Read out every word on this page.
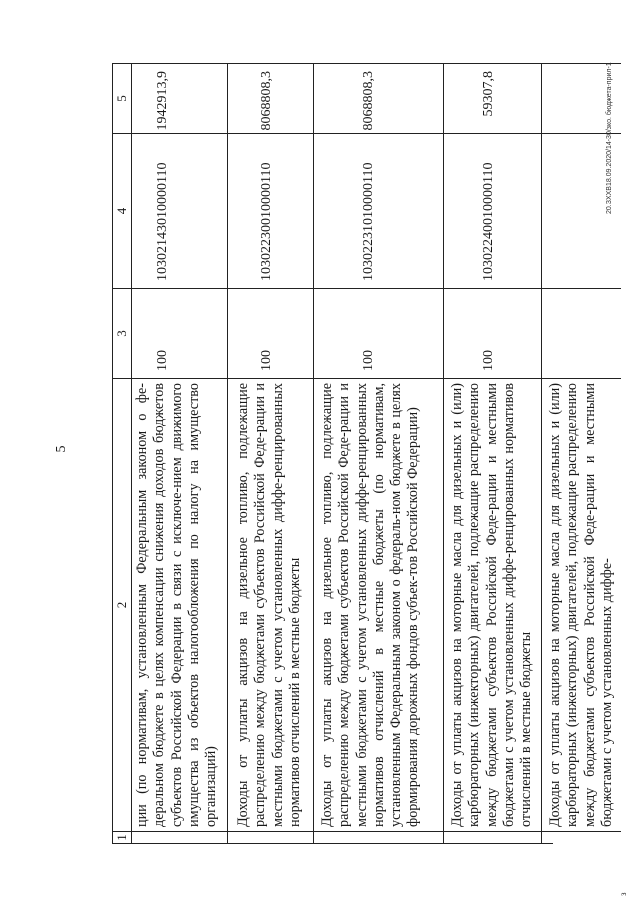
5
1
2
3
4
5
ции (по нормативам, установленным Федеральным законом о фе-деральном бюджете в целях компенсации снижения доходов бюджетов субъектов Российской Федерации в связи с исключе-нием движимого имущества из объектов налогообложения по налогу на имущество организаций)
100
10302143010000110
1942913,9
Доходы от уплаты акцизов на дизельное топливо, подлежащие распределению между бюджетами субъектов Российской Феде-рации и местными бюджетами с учетом установленных диффе-ренцированных нормативов отчислений в местные бюджеты
100
10302230010000110
8068808,3
Доходы от уплаты акцизов на дизельное топливо, подлежащие распределению между бюджетами субъектов Российской Феде-рации и местными бюджетами с учетом установленных диффе-ренцированных нормативов отчислений в местные бюджеты (по нормативам, установленным Федеральным законом о федераль-ном бюджете в целях формирования дорожных фондов субъек-тов Российской Федерации)
100
10302231010000110
8068808,3
Доходы от уплаты акцизов на моторные масла для дизельных и (или) карбюраторных (инжекторных) двигателей, подлежащие распределению между бюджетами субъектов Российской Феде-рации и местными бюджетами с учетом установленных диффе-ренцированных нормативов отчислений в местные бюджеты
100
10302240010000110
59307,8
Доходы от уплаты акцизов на моторные масла для дизельных и (или) карбюраторных (инжекторных) двигателей, подлежащие распределению между бюджетами субъектов Российской Феде-рации и местными бюджетами с учетом установленных диффе-
20.ЗXXВ18.09.2020/14-30/зко. бюджета-прил-1
з
